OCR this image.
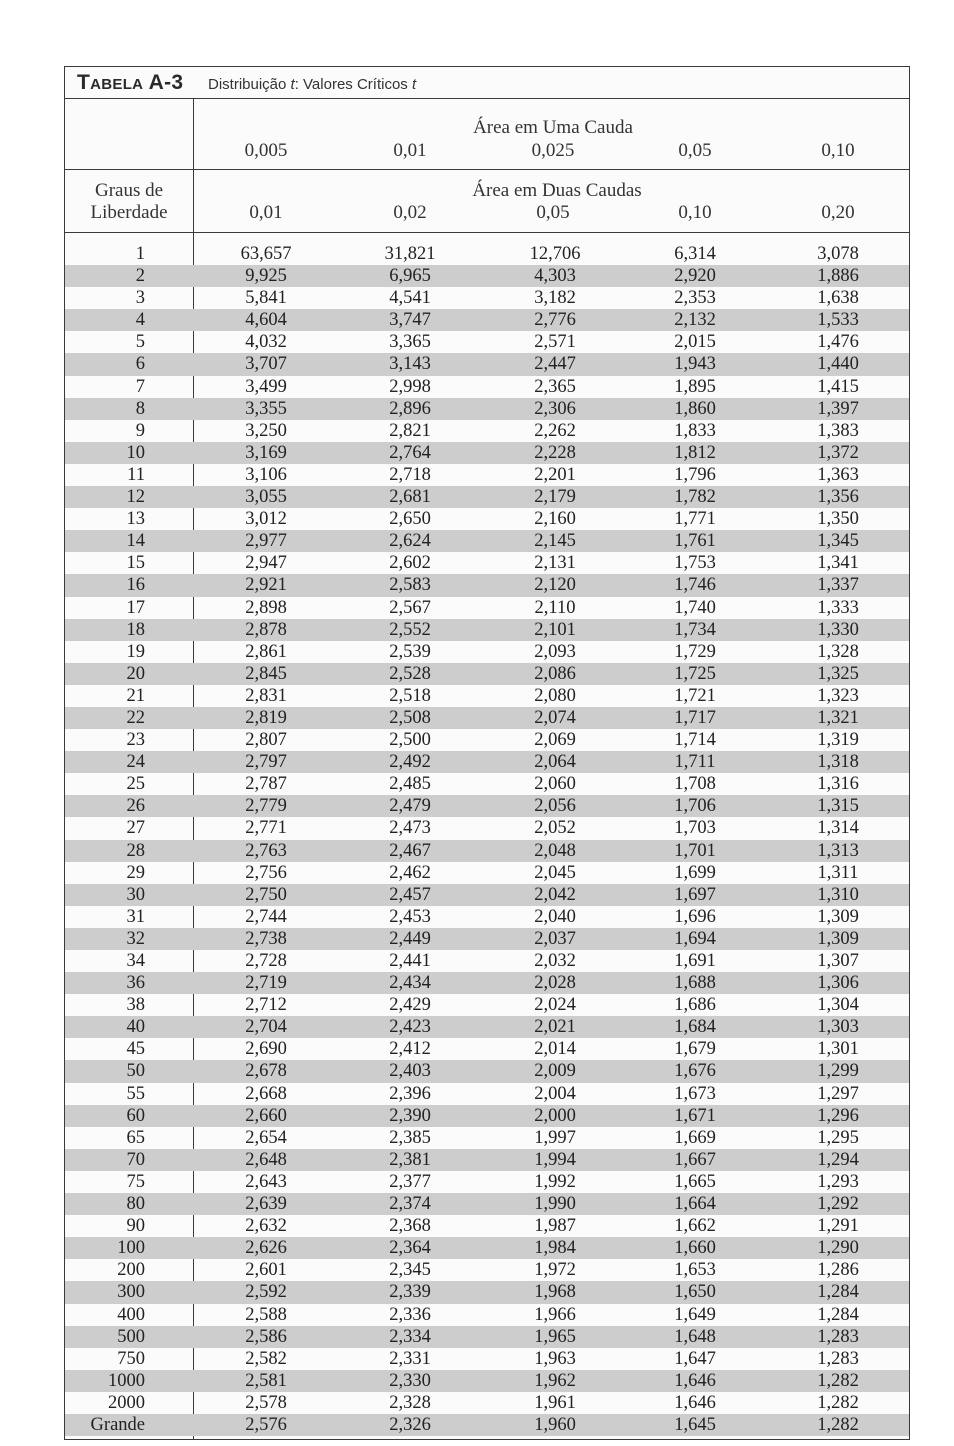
Tabela A-3 Distribuição t: Valores Críticos t
Área em Uma Cauda
0,005	0,01	0,025	0,05	0,10
Graus de
Liberdade
Área em Duas Caudas
0,01	0,02	0,05	0,10	0,20
1	63,657	31,821	12,706	6,314	3,078
2	9,925	6,965	4,303	2,920	1,886
3	5,841	4,541	3,182	2,353	1,638
4	4,604	3,747	2,776	2,132	1,533
5	4,032	3,365	2,571	2,015	1,476
6	3,707	3,143	2,447	1,943	1,440
7	3,499	2,998	2,365	1,895	1,415
8	3,355	2,896	2,306	1,860	1,397
9	3,250	2,821	2,262	1,833	1,383
10	3,169	2,764	2,228	1,812	1,372
11	3,106	2,718	2,201	1,796	1,363
12	3,055	2,681	2,179	1,782	1,356
13	3,012	2,650	2,160	1,771	1,350
14	2,977	2,624	2,145	1,761	1,345
15	2,947	2,602	2,131	1,753	1,341
16	2,921	2,583	2,120	1,746	1,337
17	2,898	2,567	2,110	1,740	1,333
18	2,878	2,552	2,101	1,734	1,330
19	2,861	2,539	2,093	1,729	1,328
20	2,845	2,528	2,086	1,725	1,325
21	2,831	2,518	2,080	1,721	1,323
22	2,819	2,508	2,074	1,717	1,321
23	2,807	2,500	2,069	1,714	1,319
24	2,797	2,492	2,064	1,711	1,318
25	2,787	2,485	2,060	1,708	1,316
26	2,779	2,479	2,056	1,706	1,315
27	2,771	2,473	2,052	1,703	1,314
28	2,763	2,467	2,048	1,701	1,313
29	2,756	2,462	2,045	1,699	1,311
30	2,750	2,457	2,042	1,697	1,310
31	2,744	2,453	2,040	1,696	1,309
32	2,738	2,449	2,037	1,694	1,309
34	2,728	2,441	2,032	1,691	1,307
36	2,719	2,434	2,028	1,688	1,306
38	2,712	2,429	2,024	1,686	1,304
40	2,704	2,423	2,021	1,684	1,303
45	2,690	2,412	2,014	1,679	1,301
50	2,678	2,403	2,009	1,676	1,299
55	2,668	2,396	2,004	1,673	1,297
60	2,660	2,390	2,000	1,671	1,296
65	2,654	2,385	1,997	1,669	1,295
70	2,648	2,381	1,994	1,667	1,294
75	2,643	2,377	1,992	1,665	1,293
80	2,639	2,374	1,990	1,664	1,292
90	2,632	2,368	1,987	1,662	1,291
100	2,626	2,364	1,984	1,660	1,290
200	2,601	2,345	1,972	1,653	1,286
300	2,592	2,339	1,968	1,650	1,284
400	2,588	2,336	1,966	1,649	1,284
500	2,586	2,334	1,965	1,648	1,283
750	2,582	2,331	1,963	1,647	1,283
1000	2,581	2,330	1,962	1,646	1,282
2000	2,578	2,328	1,961	1,646	1,282
Grande	2,576	2,326	1,960	1,645	1,282
